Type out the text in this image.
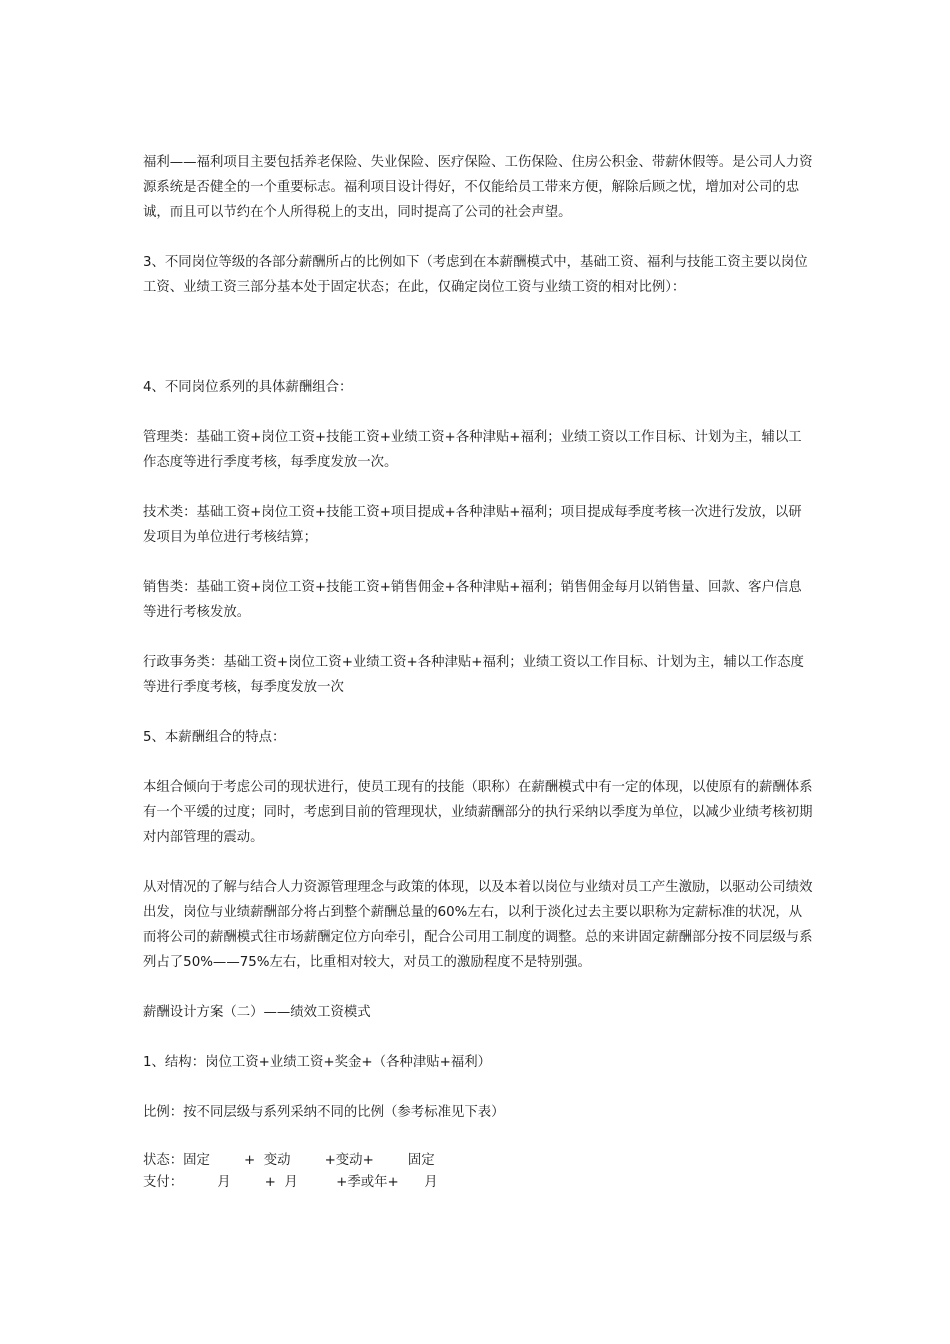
福利——福利项目主要包括养老保险、失业保险、医疗保险、工伤保险、住房公积金、带薪休假等。是公司人力资源系统是否健全的一个重要标志。福利项目设计得好，不仅能给员工带来方便，解除后顾之忧，增加对公司的忠诚，而且可以节约在个人所得税上的支出，同时提高了公司的社会声望。

3、不同岗位等级的各部分薪酬所占的比例如下（考虑到在本薪酬模式中，基础工资、福利与技能工资主要以岗位工资、业绩工资三部分基本处于固定状态；在此，仅确定岗位工资与业绩工资的相对比例）：

4、不同岗位系列的具体薪酬组合：

管理类：基础工资+岗位工资+技能工资+业绩工资+各种津贴+福利；业绩工资以工作目标、计划为主，辅以工作态度等进行季度考核，每季度发放一次。

技术类：基础工资+岗位工资+技能工资+项目提成+各种津贴+福利；项目提成每季度考核一次进行发放，以研发项目为单位进行考核结算；

销售类：基础工资+岗位工资+技能工资+销售佣金+各种津贴+福利；销售佣金每月以销售量、回款、客户信息等进行考核发放。

行政事务类：基础工资+岗位工资+业绩工资+各种津贴+福利；业绩工资以工作目标、计划为主，辅以工作态度等进行季度考核，每季度发放一次

5、本薪酬组合的特点：

本组合倾向于考虑公司的现状进行，使员工现有的技能（职称）在薪酬模式中有一定的体现，以使原有的薪酬体系有一个平缓的过度；同时，考虑到目前的管理现状，业绩薪酬部分的执行采纳以季度为单位，以减少业绩考核初期对内部管理的震动。

从对情况的了解与结合人力资源管理理念与政策的体现，以及本着以岗位与业绩对员工产生激励，以驱动公司绩效出发，岗位与业绩薪酬部分将占到整个薪酬总量的60%左右，以利于淡化过去主要以职称为定薪标准的状况，从而将公司的薪酬模式往市场薪酬定位方向牵引，配合公司用工制度的调整。总的来讲固定薪酬部分按不同层级与系列占了50%——75%左右，比重相对较大，对员工的激励程度不是特别强。

薪酬设计方案（二）——绩效工资模式

1、结构：岗位工资+业绩工资+奖金+（各种津贴+福利）

比例：按不同层级与系列采纳不同的比例（参考标准见下表）

状态：固定        +  变动        +变动+        固定

支付：        月        +  月         +季或年+      月
